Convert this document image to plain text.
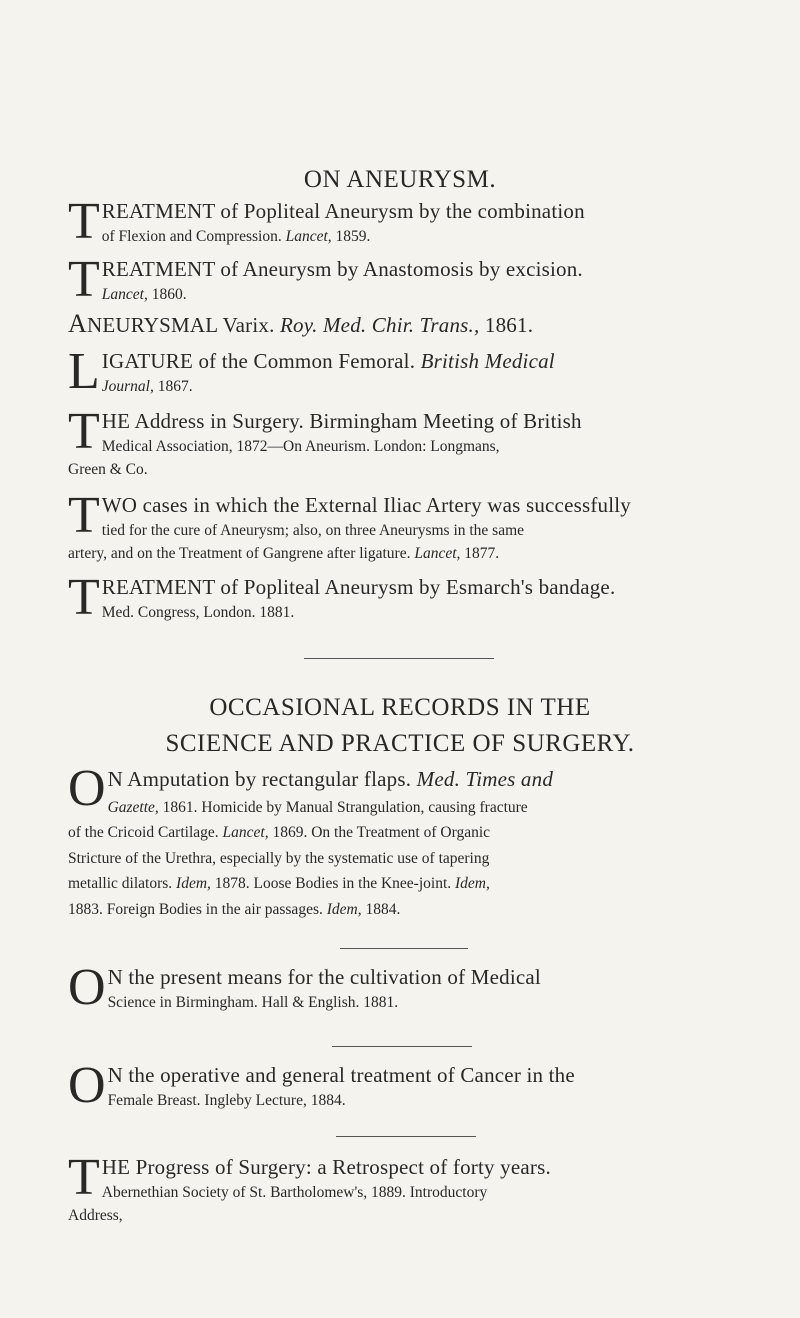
ON ANEURYSM.
T REATMENT of Popliteal Aneurysm by the combination
of Flexion and Compression. Lancet, 1859.
T REATMENT of Aneurysm by Anastomosis by excision.
Lancet, 1860.
ANEURYSMAL Varix. Roy. Med. Chir. Trans., 1861.
L IGATURE of the Common Femoral. British Medical
Journal, 1867.
T HE Address in Surgery. Birmingham Meeting of British
Medical Association, 1872—On Aneurism. London: Longmans,
Green & Co.
T WO cases in which the External Iliac Artery was successfully
tied for the cure of Aneurysm; also, on three Aneurysms in the same
artery, and on the Treatment of Gangrene after ligature. Lancet, 1877.
T REATMENT of Popliteal Aneurysm by Esmarch's bandage.
Med. Congress, London. 1881.
OCCASIONAL RECORDS IN THE
SCIENCE AND PRACTICE OF SURGERY.
O N Amputation by rectangular flaps. Med. Times and
Gazette, 1861. Homicide by Manual Strangulation, causing fracture
of the Cricoid Cartilage. Lancet, 1869. On the Treatment of Organic
Stricture of the Urethra, especially by the systematic use of tapering
metallic dilators. Idem, 1878. Loose Bodies in the Knee-joint. Idem,
1883. Foreign Bodies in the air passages. Idem, 1884.
O N the present means for the cultivation of Medical
Science in Birmingham. Hall & English. 1881.
O N the operative and general treatment of Cancer in the
Female Breast. Ingleby Lecture, 1884.
T HE Progress of Surgery: a Retrospect of forty years.
Abernethian Society of St. Bartholomew's, 1889. Introductory
Address,
